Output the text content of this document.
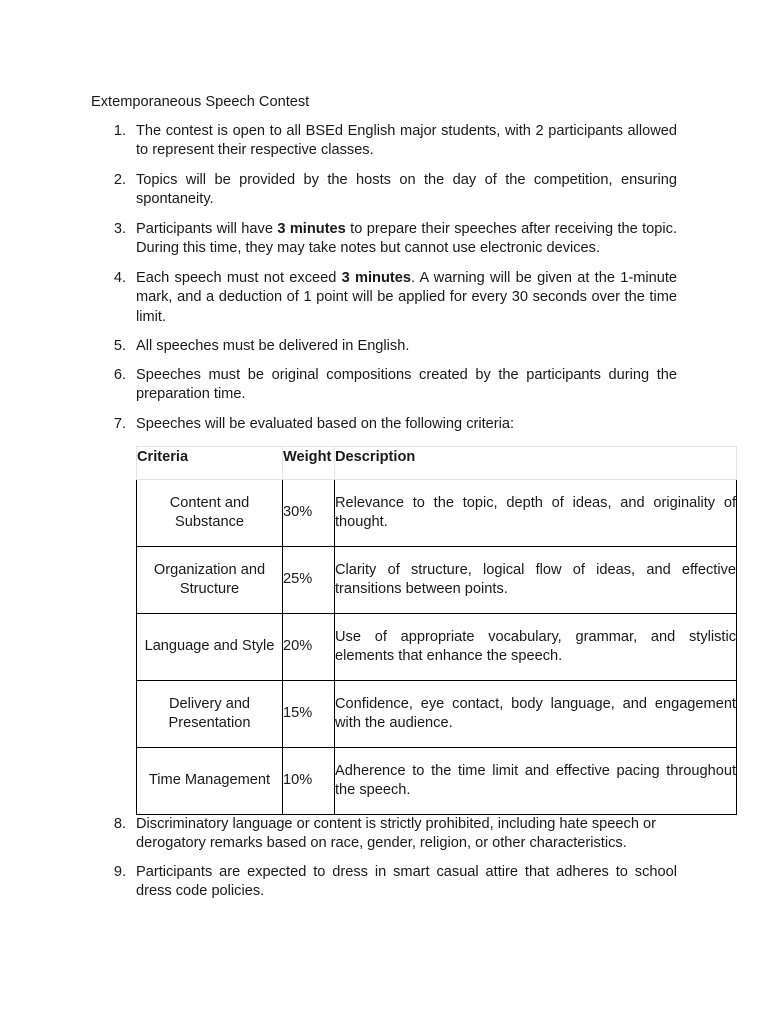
Extemporaneous Speech Contest
1. The contest is open to all BSEd English major students, with 2 participants allowed to represent their respective classes.
2. Topics will be provided by the hosts on the day of the competition, ensuring spontaneity.
3. Participants will have 3 minutes to prepare their speeches after receiving the topic. During this time, they may take notes but cannot use electronic devices.
4. Each speech must not exceed 3 minutes. A warning will be given at the 1-minute mark, and a deduction of 1 point will be applied for every 30 seconds over the time limit.
5. All speeches must be delivered in English.
6. Speeches must be original compositions created by the participants during the preparation time.
7. Speeches will be evaluated based on the following criteria:
Criteria	Weight	Description
Content and Substance	30%	Relevance to the topic, depth of ideas, and originality of thought.
Organization and Structure	25%	Clarity of structure, logical flow of ideas, and effective transitions between points.
Language and Style	20%	Use of appropriate vocabulary, grammar, and stylistic elements that enhance the speech.
Delivery and Presentation	15%	Confidence, eye contact, body language, and engagement with the audience.
Time Management	10%	Adherence to the time limit and effective pacing throughout the speech.
8. Discriminatory language or content is strictly prohibited, including hate speech or derogatory remarks based on race, gender, religion, or other characteristics.
9. Participants are expected to dress in smart casual attire that adheres to school dress code policies.
